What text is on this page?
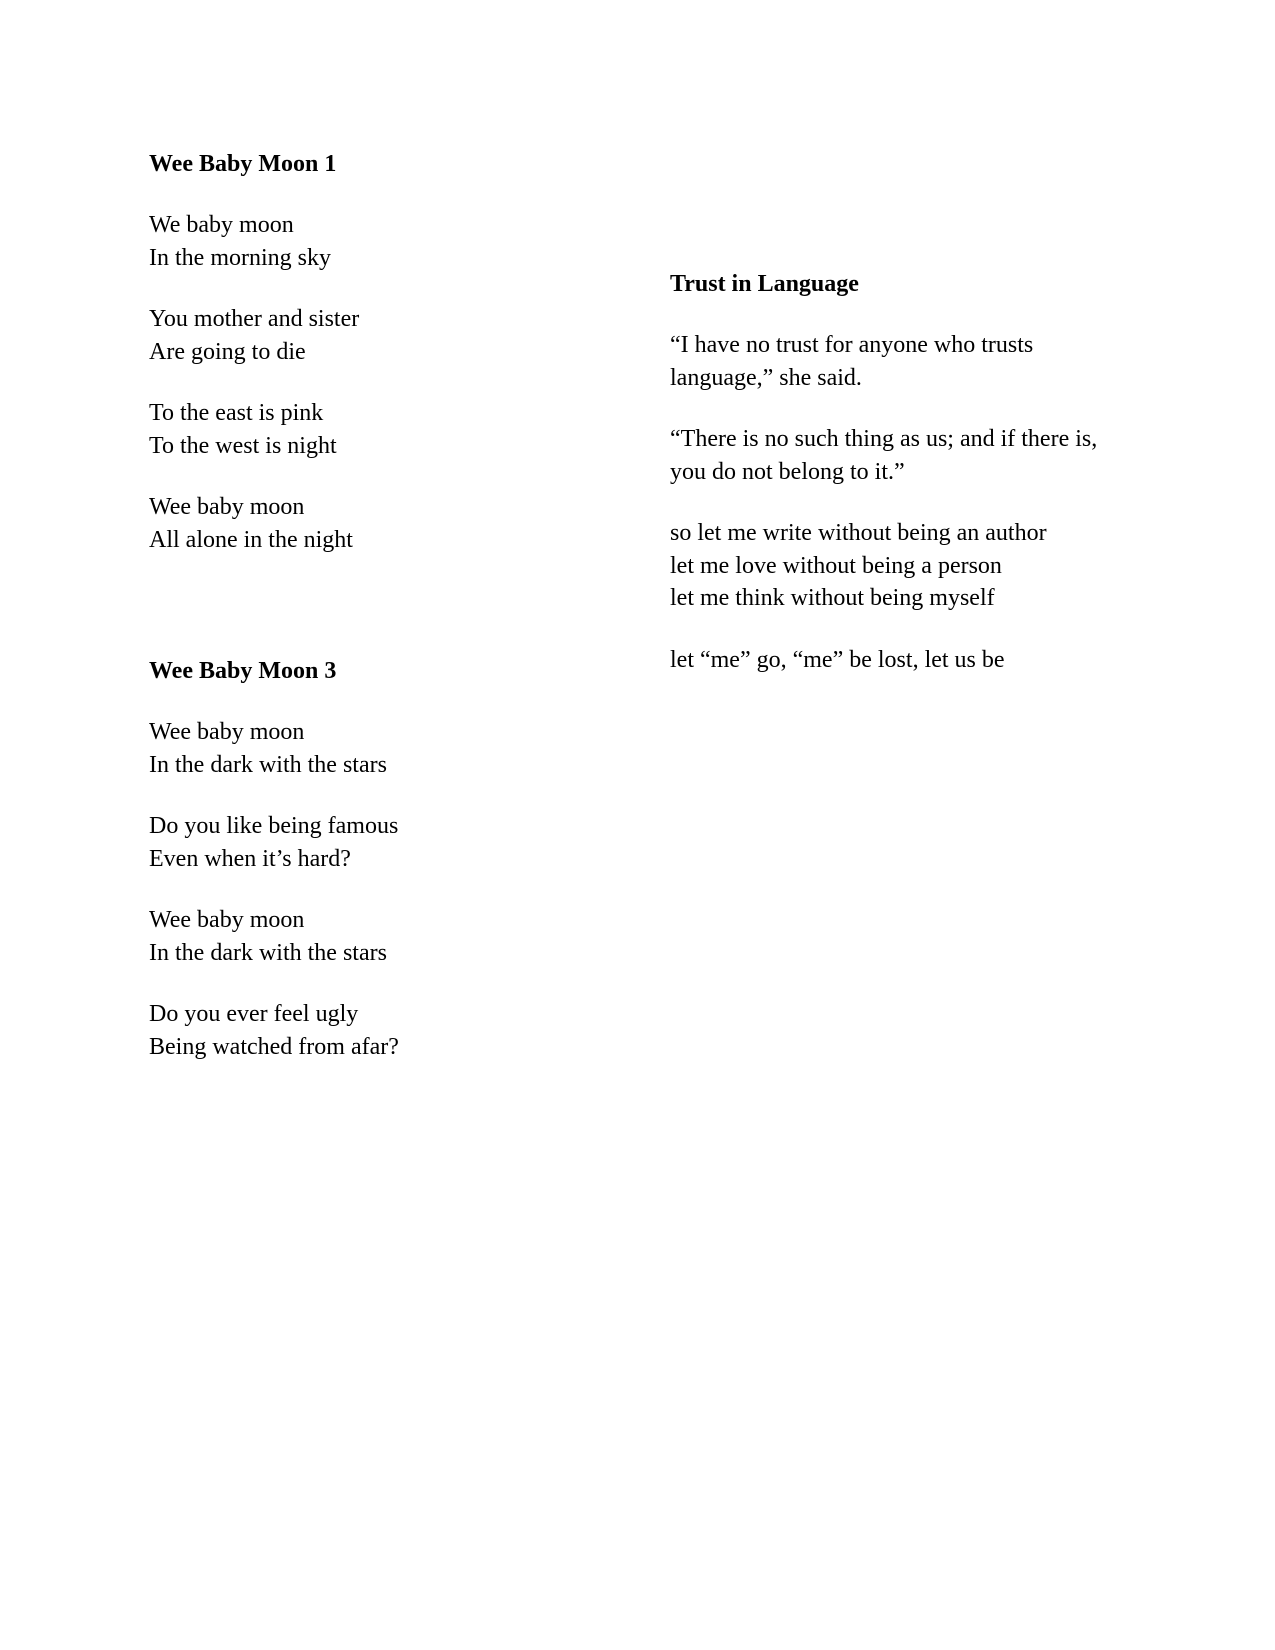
Wee Baby Moon 1

We baby moon
In the morning sky

You mother and sister
Are going to die

To the east is pink
To the west is night

Wee baby moon
All alone in the night

Wee Baby Moon 3

Wee baby moon
In the dark with the stars

Do you like being famous
Even when it’s hard?

Wee baby moon
In the dark with the stars

Do you ever feel ugly
Being watched from afar?

Trust in Language

“I have no trust for anyone who trusts
language,” she said.

“There is no such thing as us; and if there is,
you do not belong to it.”

so let me write without being an author
let me love without being a person
let me think without being myself

let “me” go, “me” be lost, let us be
